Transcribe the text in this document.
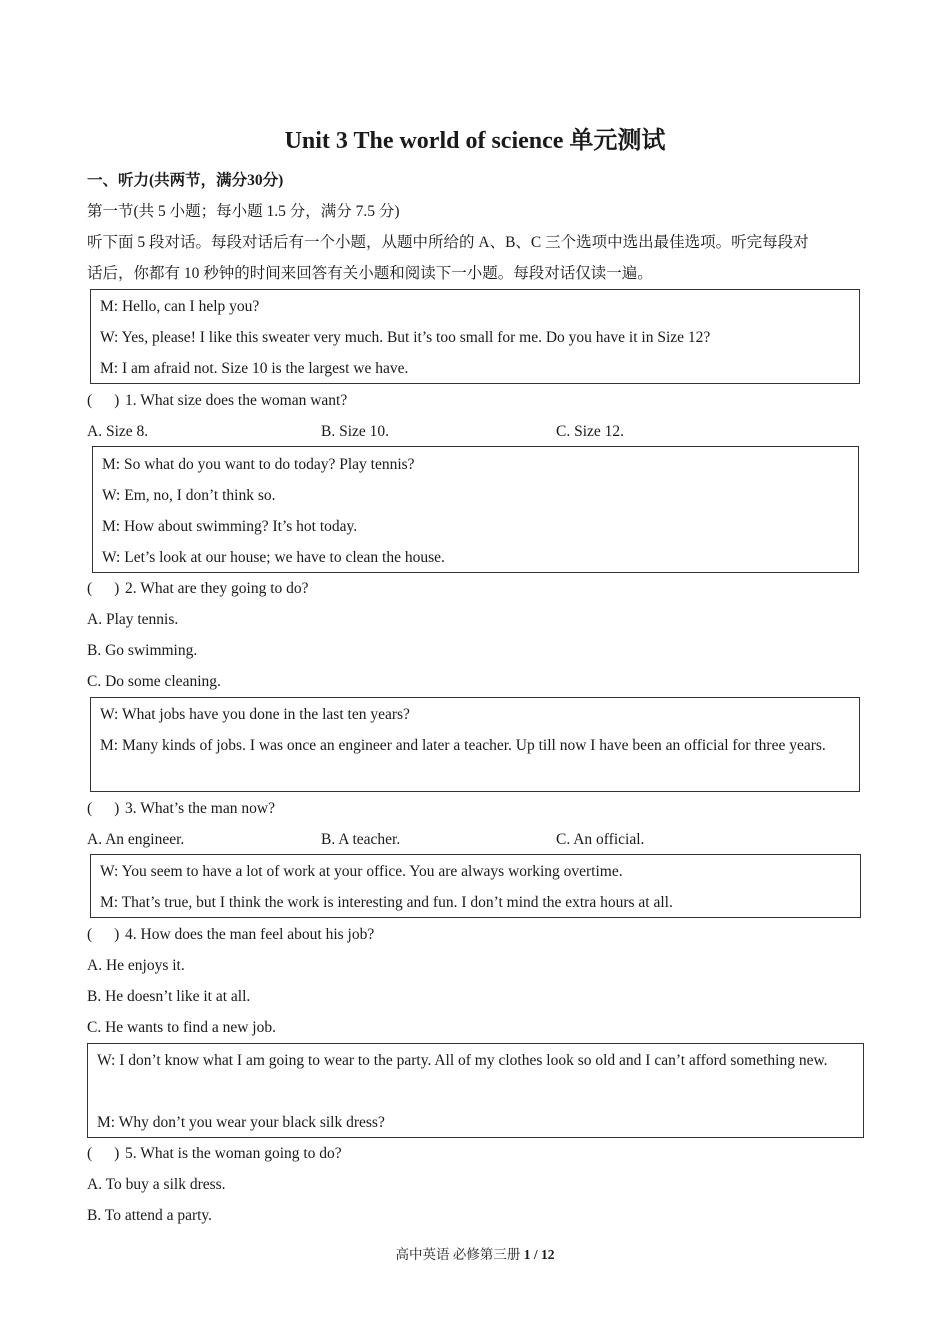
Unit 3 The world of science 单元测试
一、听力(共两节，满分30分)
第一节(共 5 小题；每小题 1.5 分，满分 7.5 分)
听下面 5 段对话。每段对话后有一个小题，从题中所给的 A、B、C 三个选项中选出最佳选项。听完每段对
话后，你都有 10 秒钟的时间来回答有关小题和阅读下一小题。每段对话仅读一遍。
M: Hello, can I help you?
W: Yes, please! I like this sweater very much. But it’s too small for me. Do you have it in Size 12?
M: I am afraid not. Size 10 is the largest we have.
( ) 1. What size does the woman want?
A. Size 8.	B. Size 10.	C. Size 12.
M: So what do you want to do today? Play tennis?
W: Em, no, I don’t think so.
M: How about swimming? It’s hot today.
W: Let’s look at our house; we have to clean the house.
( ) 2. What are they going to do?
A. Play tennis.
B. Go swimming.
C. Do some cleaning.
W: What jobs have you done in the last ten years?
M: Many kinds of jobs. I was once an engineer and later a teacher. Up till now I have been an official for three years.
( ) 3. What’s the man now?
A. An engineer.	B. A teacher.	C. An official.
W: You seem to have a lot of work at your office. You are always working overtime.
M: That’s true, but I think the work is interesting and fun. I don’t mind the extra hours at all.
( ) 4. How does the man feel about his job?
A. He enjoys it.
B. He doesn’t like it at all.
C. He wants to find a new job.
W: I don’t know what I am going to wear to the party. All of my clothes look so old and I can’t afford something new.
M: Why don’t you wear your black silk dress?
( ) 5. What is the woman going to do?
A. To buy a silk dress.
B. To attend a party.
高中英语 必修第三册 1 / 12
